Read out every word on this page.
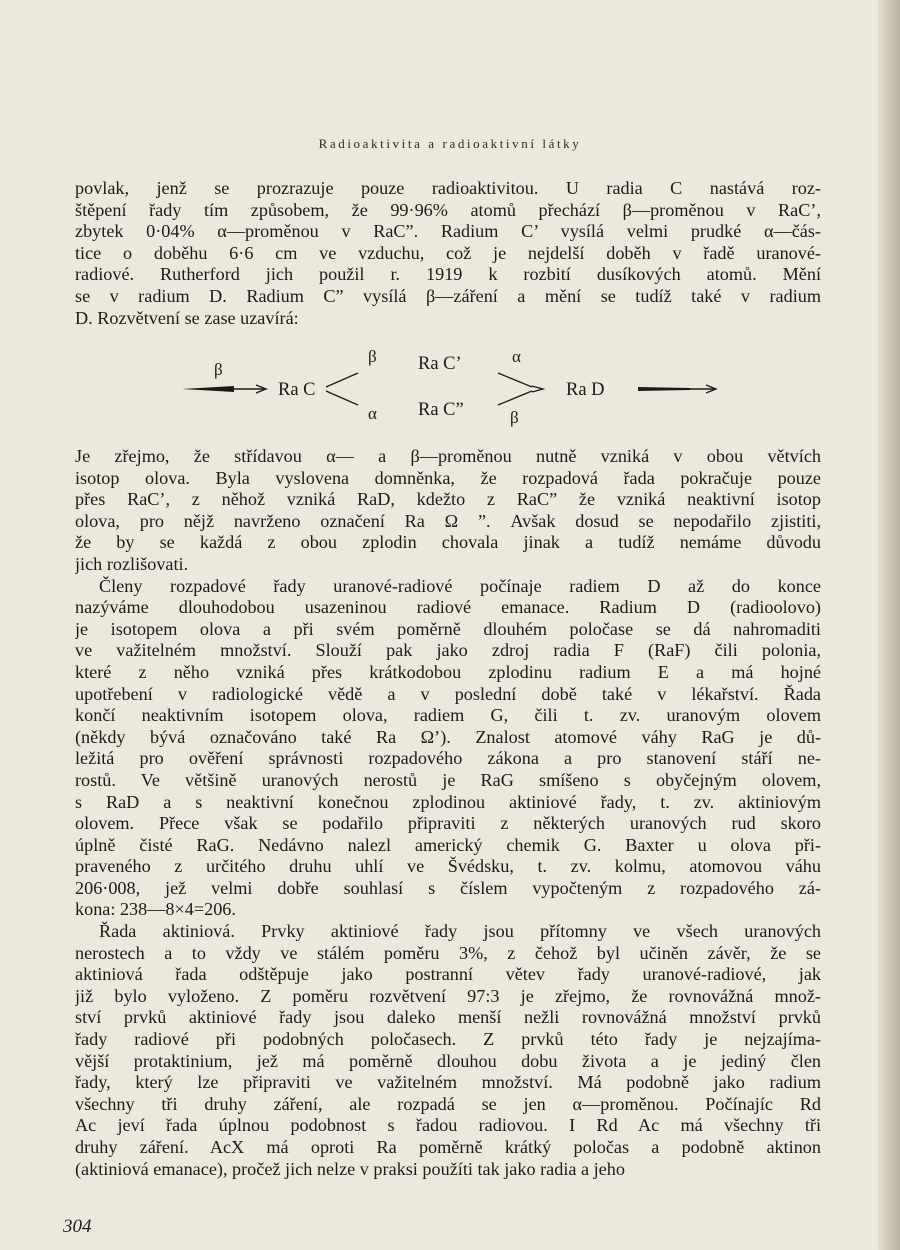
Radioaktivita a radioaktivní látky
povlak, jenž se prozrazuje pouze radioaktivitou. U radia C nastává roz-
štěpení řady tím způsobem, že 99·96% atomů přechází β—proměnou v RaC’,
zbytek 0·04% α—proměnou v RaC”. Radium C’ vysílá velmi prudké α—čás-
tice o doběhu 6·6 cm ve vzduchu, což je nejdelší doběh v řadě uranové-
radiové. Rutherford jich použil r. 1919 k rozbití dusíkových atomů. Mění
se v radium D. Radium C” vysílá β—záření a mění se tudíž také v radium
D. Rozvětvení se zase uzavírá:
β
Ra C
β
α
Ra C’
Ra C”
α
β
Ra D
Je zřejmo, že střídavou α— a β—proměnou nutně vzniká v obou větvích
isotop olova. Byla vyslovena domněnka, že rozpadová řada pokračuje pouze
přes RaC’, z něhož vzniká RaD, kdežto z RaC” že vzniká neaktivní isotop
olova, pro nějž navrženo označení Ra Ω ”. Avšak dosud se nepodařilo zjistiti,
že by se každá z obou zplodin chovala jinak a tudíž nemáme důvodu
jich rozlišovati.
Členy rozpadové řady uranové-radiové počínaje radiem D až do konce
nazýváme dlouhodobou usazeninou radiové emanace. Radium D (radioolovo)
je isotopem olova a při svém poměrně dlouhém poločase se dá nahromaditi
ve važitelném množství. Slouží pak jako zdroj radia F (RaF) čili polonia,
které z něho vzniká přes krátkodobou zplodinu radium E a má hojné
upotřebení v radiologické vědě a v poslední době také v lékařství. Řada
končí neaktivním isotopem olova, radiem G, čili t. zv. uranovým olovem
(někdy bývá označováno také Ra Ω’). Znalost atomové váhy RaG je dů-
ležitá pro ověření správnosti rozpadového zákona a pro stanovení stáří ne-
rostů. Ve většině uranových nerostů je RaG smíšeno s obyčejným olovem,
s RaD a s neaktivní konečnou zplodinou aktiniové řady, t. zv. aktiniovým
olovem. Přece však se podařilo připraviti z některých uranových rud skoro
úplně čisté RaG. Nedávno nalezl americký chemik G. Baxter u olova při-
praveného z určitého druhu uhlí ve Švédsku, t. zv. kolmu, atomovou váhu
206·008, jež velmi dobře souhlasí s číslem vypočteným z rozpadového zá-
kona: 238—8×4=206.
Řada aktiniová. Prvky aktiniové řady jsou přítomny ve všech uranových
nerostech a to vždy ve stálém poměru 3%, z čehož byl učiněn závěr, že se
aktiniová řada odštěpuje jako postranní větev řady uranové-radiové, jak
již bylo vyloženo. Z poměru rozvětvení 97:3 je zřejmo, že rovnovážná množ-
ství prvků aktiniové řady jsou daleko menší nežli rovnovážná množství prvků
řady radiové při podobných poločasech. Z prvků této řady je nejzajíma-
vější protaktinium, jež má poměrně dlouhou dobu života a je jediný člen
řady, který lze připraviti ve važitelném množství. Má podobně jako radium
všechny tři druhy záření, ale rozpadá se jen α—proměnou. Počínajíc Rd
Ac jeví řada úplnou podobnost s řadou radiovou. I Rd Ac má všechny tři
druhy záření. AcX má oproti Ra poměrně krátký poločas a podobně aktinon
(aktiniová emanace), pročež jich nelze v praksi použíti tak jako radia a jeho
304
